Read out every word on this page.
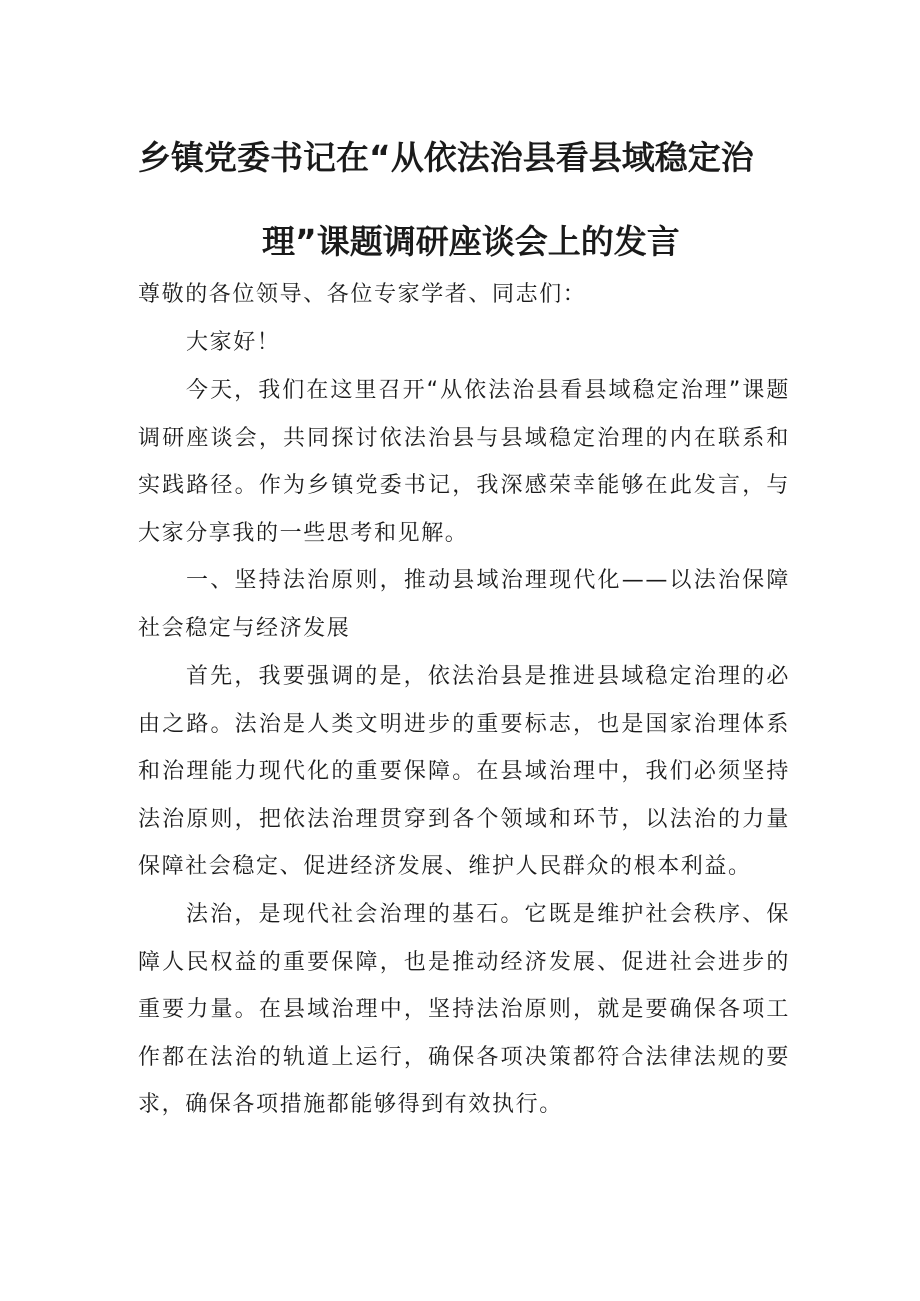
乡镇党委书记在“从依法治县看县域稳定治
理”课题调研座谈会上的发言

尊敬的各位领导、各位专家学者、同志们：

大家好！

今天，我们在这里召开“从依法治县看县域稳定治理”课题调研座谈会，共同探讨依法治县与县域稳定治理的内在联系和实践路径。作为乡镇党委书记，我深感荣幸能够在此发言，与大家分享我的一些思考和见解。

一、坚持法治原则，推动县域治理现代化——以法治保障社会稳定与经济发展

首先，我要强调的是，依法治县是推进县域稳定治理的必由之路。法治是人类文明进步的重要标志，也是国家治理体系和治理能力现代化的重要保障。在县域治理中，我们必须坚持法治原则，把依法治理贯穿到各个领域和环节，以法治的力量保障社会稳定、促进经济发展、维护人民群众的根本利益。

法治，是现代社会治理的基石。它既是维护社会秩序、保障人民权益的重要保障，也是推动经济发展、促进社会进步的重要力量。在县域治理中，坚持法治原则，就是要确保各项工作都在法治的轨道上运行，确保各项决策都符合法律法规的要求，确保各项措施都能够得到有效执行。
